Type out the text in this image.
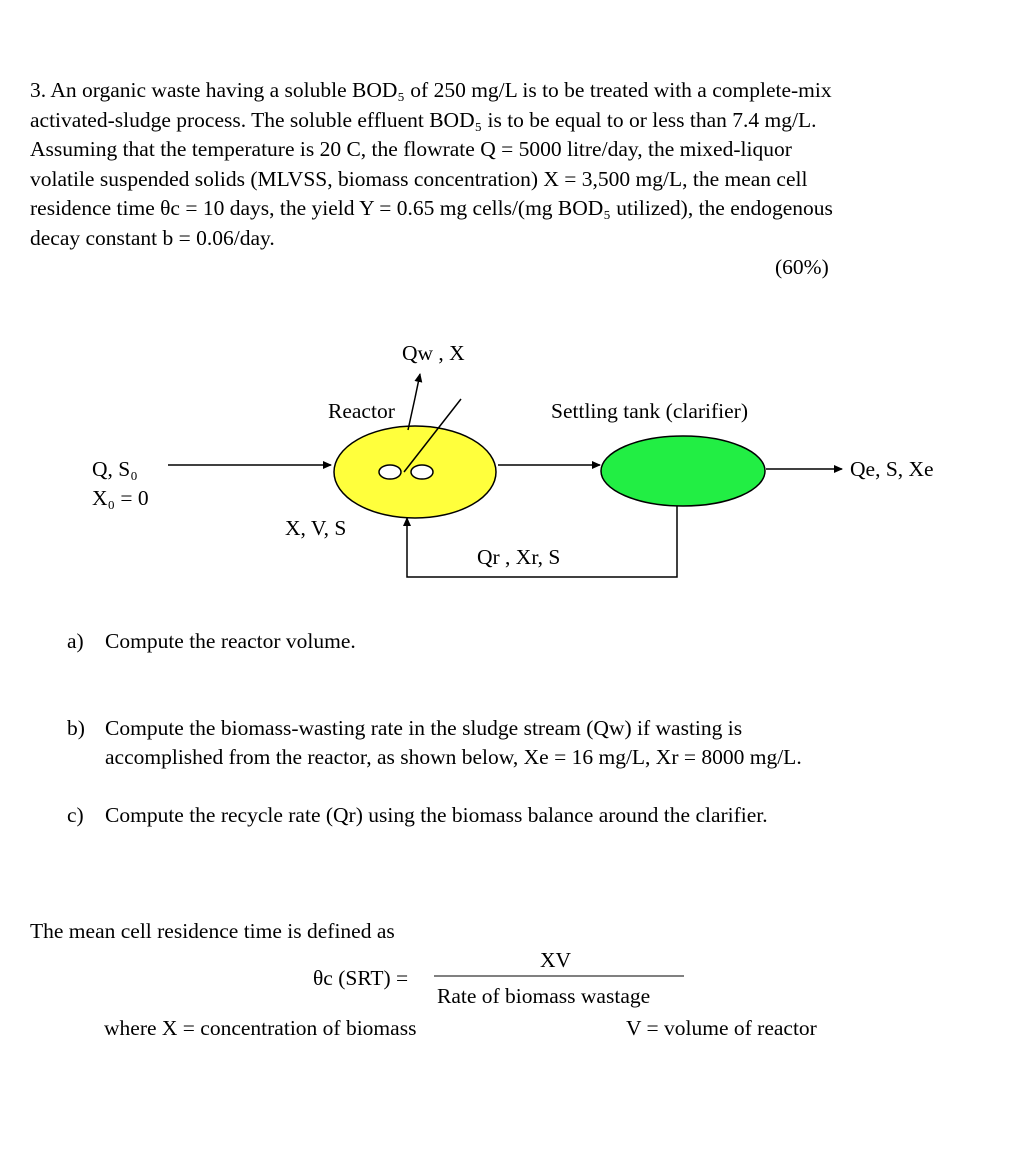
3. An organic waste having a soluble BOD₅ of 250 mg/L is to be treated with a complete-mix
activated-sludge process. The soluble effluent BOD₅ is to be equal to or less than 7.4 mg/L.
Assuming that the temperature is 20 C, the flowrate Q = 5000 litre/day, the mixed-liquor
volatile suspended solids (MLVSS, biomass concentration) X = 3,500 mg/L, the mean cell
residence time θc = 10 days, the yield Y = 0.65 mg cells/(mg BOD₅ utilized), the endogenous
decay constant b = 0.06/day.
(60%)
Qw , X
Reactor	Settling tank (clarifier)
Q, S₀
X₀ = 0
X, V, S
Qr , Xr, S
Qe, S, Xe
a) Compute the reactor volume.
b) Compute the biomass-wasting rate in the sludge stream (Qw) if wasting is
accomplished from the reactor, as shown below, Xe = 16 mg/L, Xr = 8000 mg/L.
c) Compute the recycle rate (Qr) using the biomass balance around the clarifier.
The mean cell residence time is defined as
θc (SRT) =
XV
Rate of biomass wastage
where X = concentration of biomass	V = volume of reactor
